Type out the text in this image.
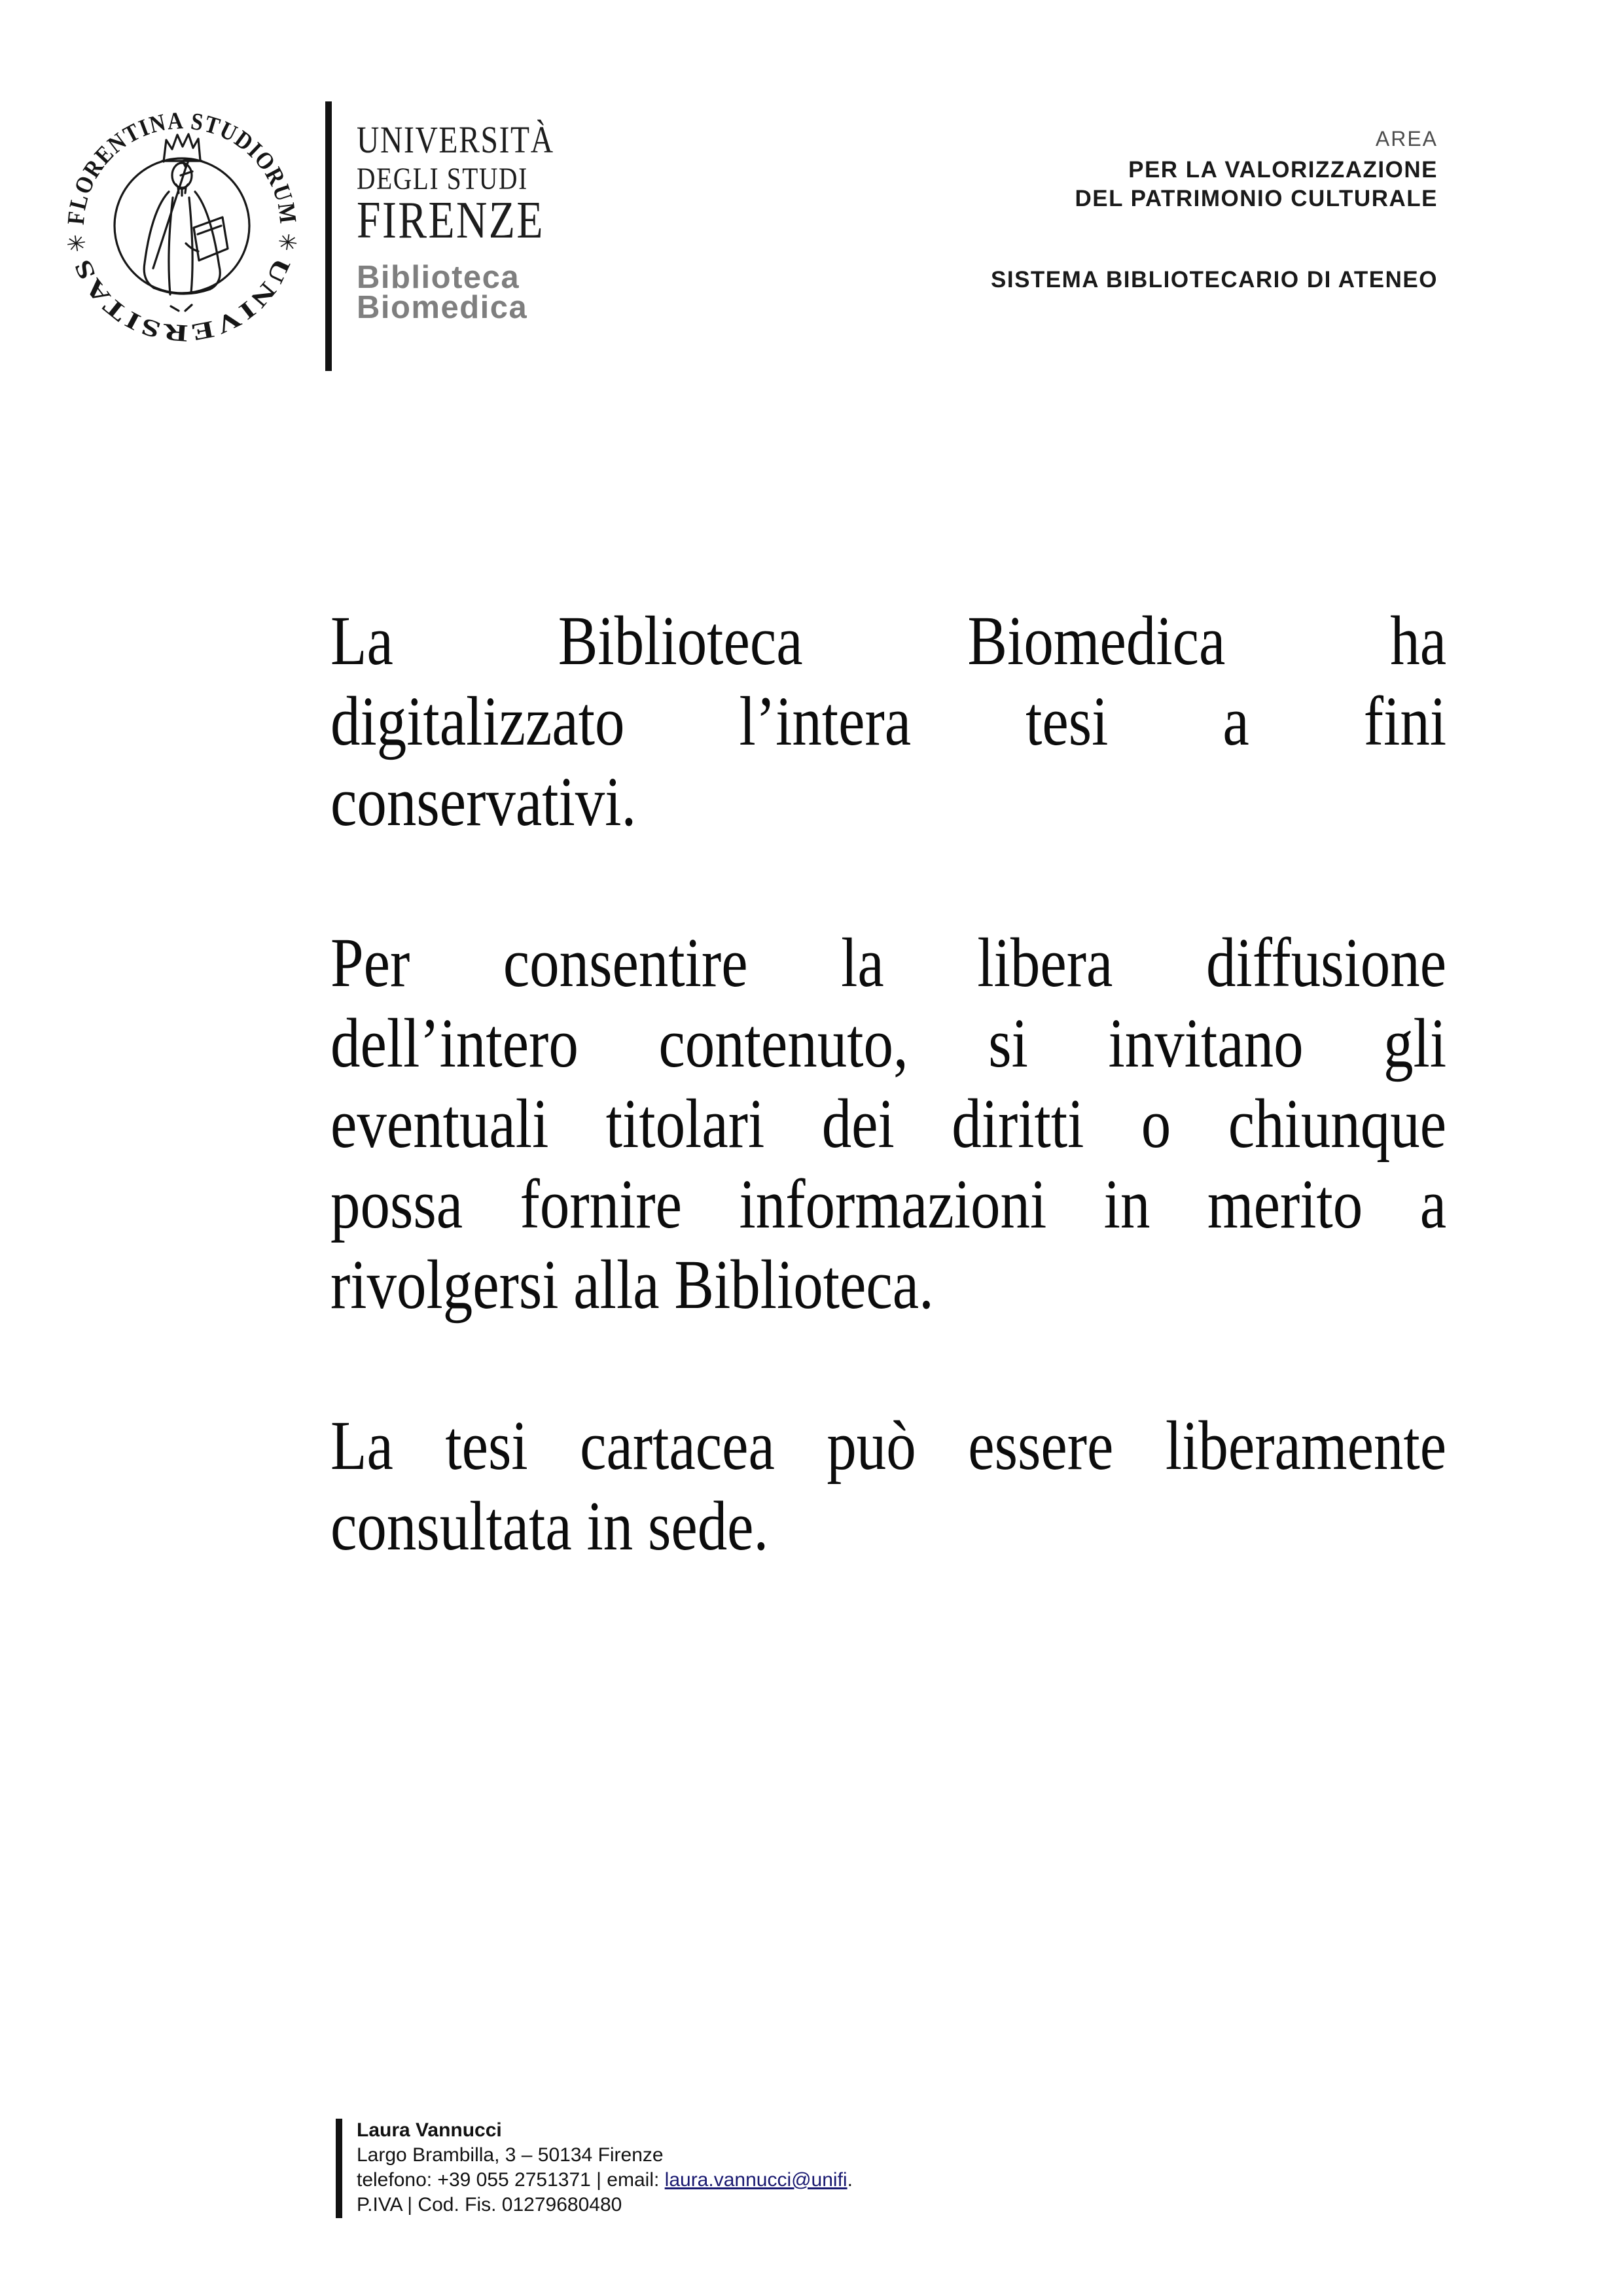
✳ FLORENTINA STUDIORUM ✳
UNIVERSITAS
UNIVERSITÀ
DEGLI STUDI
FIRENZE
Biblioteca
Biomedica
AREA
PER LA VALORIZZAZIONE
DEL PATRIMONIO CULTURALE
SISTEMA BIBLIOTECARIO DI ATENEO
La Biblioteca Biomedica ha
digitalizzato l’intera tesi a fini
conservativi.
Per consentire la libera diffusione
dell’intero contenuto, si invitano gli
eventuali titolari dei diritti o chiunque
possa fornire informazioni in merito a
rivolgersi alla Biblioteca.
La tesi cartacea può essere liberamente
consultata in sede.
Laura Vannucci
Largo Brambilla, 3 – 50134 Firenze
telefono: +39 055 2751371 | email: laura.vannucci@unifi.
P.IVA | Cod. Fis. 01279680480
